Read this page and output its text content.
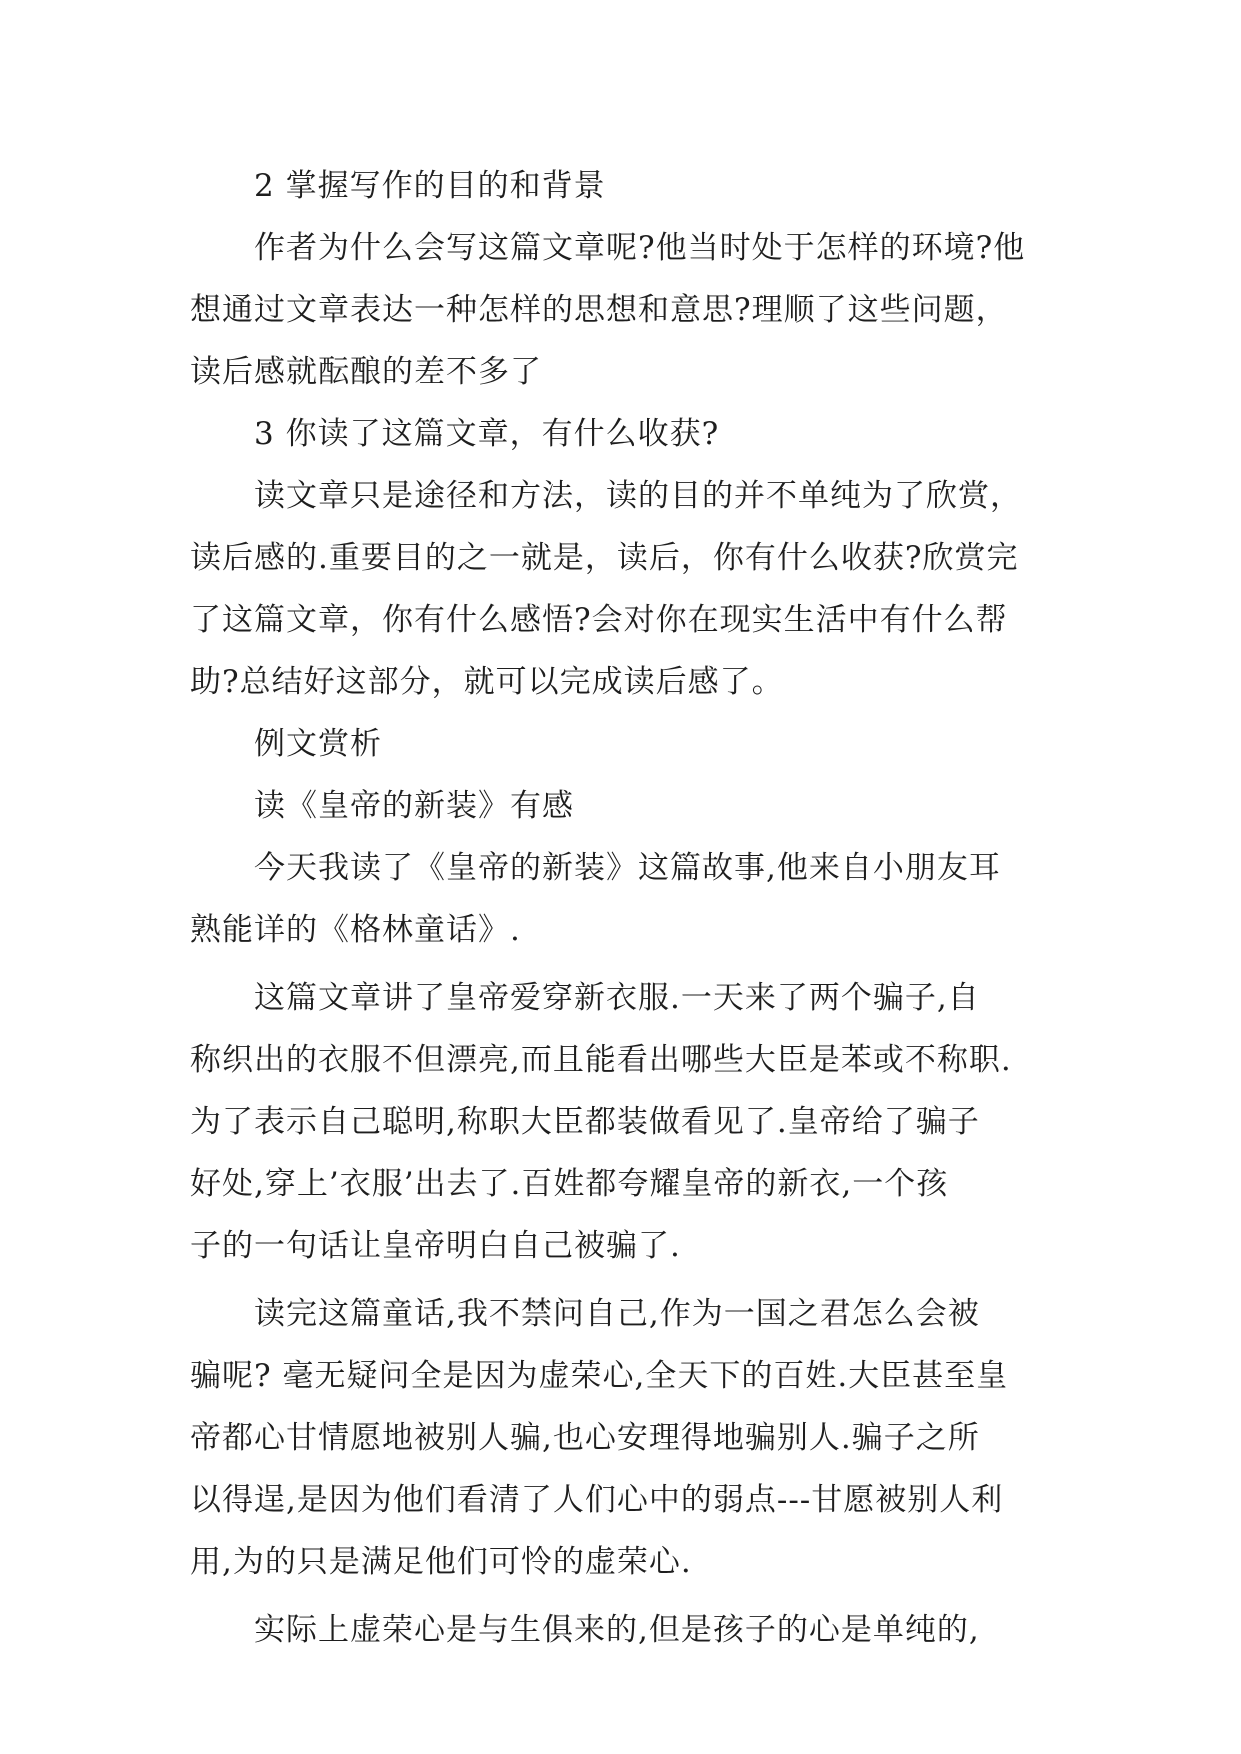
2 掌握写作的目的和背景

作者为什么会写这篇文章呢?他当时处于怎样的环境?他

想通过文章表达一种怎样的思想和意思?理顺了这些问题，

读后感就酝酿的差不多了

3 你读了这篇文章，有什么收获?

读文章只是途径和方法，读的目的并不单纯为了欣赏，

读后感的.重要目的之一就是，读后，你有什么收获?欣赏完

了这篇文章，你有什么感悟?会对你在现实生活中有什么帮

助?总结好这部分，就可以完成读后感了。

例文赏析

读《皇帝的新装》有感

今天我读了《皇帝的新装》这篇故事,他来自小朋友耳

熟能详的《格林童话》.

这篇文章讲了皇帝爱穿新衣服.一天来了两个骗子,自

称织出的衣服不但漂亮,而且能看出哪些大臣是苯或不称职.

为了表示自己聪明,称职大臣都装做看见了.皇帝给了骗子

好处,穿上’衣服’出去了.百姓都夸耀皇帝的新衣,一个孩

子的一句话让皇帝明白自己被骗了.

读完这篇童话,我不禁问自己,作为一国之君怎么会被

骗呢? 毫无疑问全是因为虚荣心,全天下的百姓.大臣甚至皇

帝都心甘情愿地被别人骗,也心安理得地骗别人.骗子之所

以得逞,是因为他们看清了人们心中的弱点---甘愿被别人利

用,为的只是满足他们可怜的虚荣心.

实际上虚荣心是与生俱来的,但是孩子的心是单纯的,
